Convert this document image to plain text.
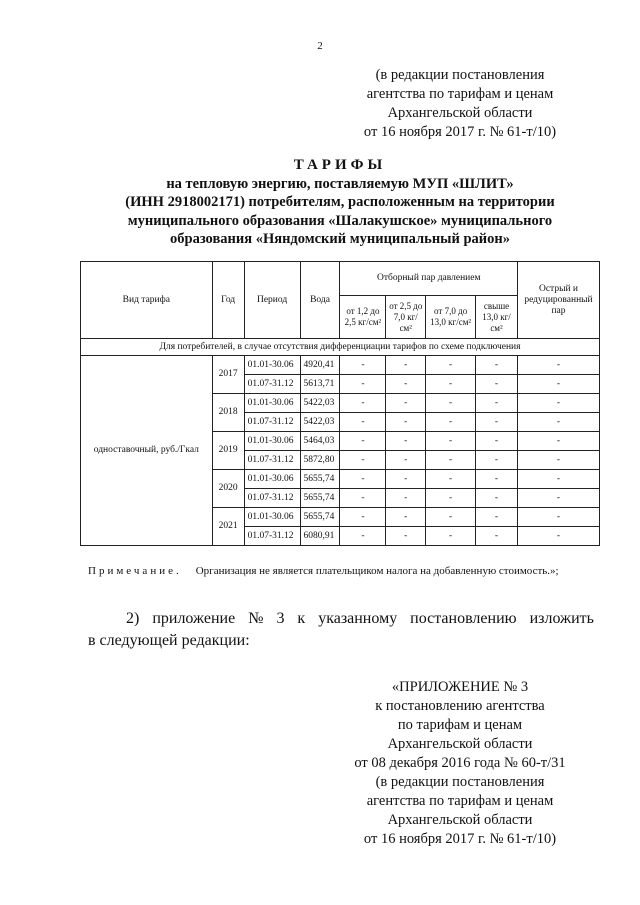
2
(в редакции постановления
агентства по тарифам и ценам
Архангельской области
от 16 ноября 2017 г. № 61-т/10)
ТАРИФЫ
на тепловую энергию, поставляемую МУП «ШЛИТ»
(ИНН 2918002171) потребителям, расположенным на территории
муниципального образования «Шалакушское» муниципального
образования «Няндомский муниципальный район»
Вид тарифа	Год	Период	Вода	Отборный пар давлением				Острый и редуцированный пар
				от 1,2 до 2,5 кг/см²	от 2,5 до 7,0 кг/см²	от 7,0 до 13,0 кг/см²	свыше 13,0 кг/см²	
Для потребителей, в случае отсутствия дифференциации тарифов по схеме подключения								
одноставочный, руб./Гкал	2017	01.01-30.06	4920,41	-	-	-	-	-
		01.07-31.12	5613,71	-	-	-	-	-
	2018	01.01-30.06	5422,03	-	-	-	-	-
		01.07-31.12	5422,03	-	-	-	-	-
	2019	01.01-30.06	5464,03	-	-	-	-	-
		01.07-31.12	5872,80	-	-	-	-	-
	2020	01.01-30.06	5655,74	-	-	-	-	-
		01.07-31.12	5655,74	-	-	-	-	-
	2021	01.01-30.06	5655,74	-	-	-	-	-
		01.07-31.12	6080,91	-	-	-	-	-
Примечание. Организация не является плательщиком налога на добавленную стоимость.»;
2) приложение № 3 к указанному постановлению изложить
в следующей редакции:
«ПРИЛОЖЕНИЕ № 3
к постановлению агентства
по тарифам и ценам
Архангельской области
от 08 декабря 2016 года № 60-т/31
(в редакции постановления
агентства по тарифам и ценам
Архангельской области
от 16 ноября 2017 г. № 61-т/10)
